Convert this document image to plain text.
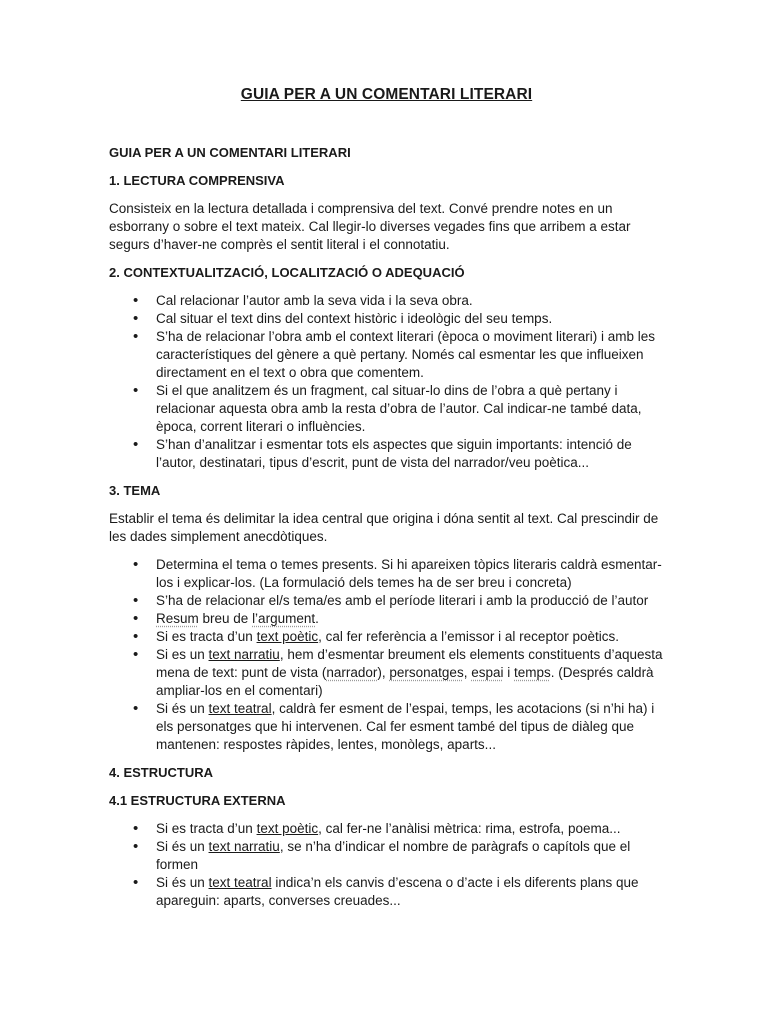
GUIA PER A UN COMENTARI LITERARI
GUIA PER A UN COMENTARI LITERARI
1. LECTURA COMPRENSIVA
Consisteix en la lectura detallada i comprensiva del text. Convé prendre notes en un esborrany o sobre el text mateix. Cal llegir-lo diverses vegades fins que arribem a estar segurs d’haver-ne comprès el sentit literal i el connotatiu.
2. CONTEXTUALITZACIÓ, LOCALITZACIÓ O ADEQUACIÓ
• Cal relacionar l’autor amb la seva vida i la seva obra.
• Cal situar el text dins del context històric i ideològic del seu temps.
• S’ha de relacionar l’obra amb el context literari (època o moviment literari) i amb les característiques del gènere a què pertany. Només cal esmentar les que influeixen directament en el text o obra que comentem.
• Si el que analitzem és un fragment, cal situar-lo dins de l’obra a què pertany i relacionar aquesta obra amb la resta d’obra de l’autor. Cal indicar-ne també data, època, corrent literari o influències.
• S’han d’analitzar i esmentar tots els aspectes que siguin importants: intenció de l’autor, destinatari, tipus d’escrit, punt de vista del narrador/veu poètica...
3. TEMA
Establir el tema és delimitar la idea central que origina i dóna sentit al text. Cal prescindir de les dades simplement anecdòtiques.
• Determina el tema o temes presents. Si hi apareixen tòpics literaris caldrà esmentar-los i explicar-los. (La formulació dels temes ha de ser breu i concreta)
• S’ha de relacionar el/s tema/es amb el període literari i amb la producció de l’autor
• Resum breu de l’argument.
• Si es tracta d’un text poètic, cal fer referència a l’emissor i al receptor poètics.
• Si es un text narratiu, hem d’esmentar breument els elements constituents d’aquesta mena de text: punt de vista (narrador), personatges, espai i temps. (Després caldrà ampliar-los en el comentari)
• Si és un text teatral, caldrà fer esment de l’espai, temps, les acotacions (si n’hi ha) i els personatges que hi intervenen. Cal fer esment també del tipus de diàleg que mantenen: respostes ràpides, lentes, monòlegs, aparts...
4. ESTRUCTURA
4.1 ESTRUCTURA EXTERNA
• Si es tracta d’un text poètic, cal fer-ne l’anàlisi mètrica: rima, estrofa, poema...
• Si és un text narratiu, se n’ha d’indicar el nombre de paràgrafs o capítols que el formen
• Si és un text teatral indica’n els canvis d’escena o d’acte i els diferents plans que apareguin: aparts, converses creuades...
